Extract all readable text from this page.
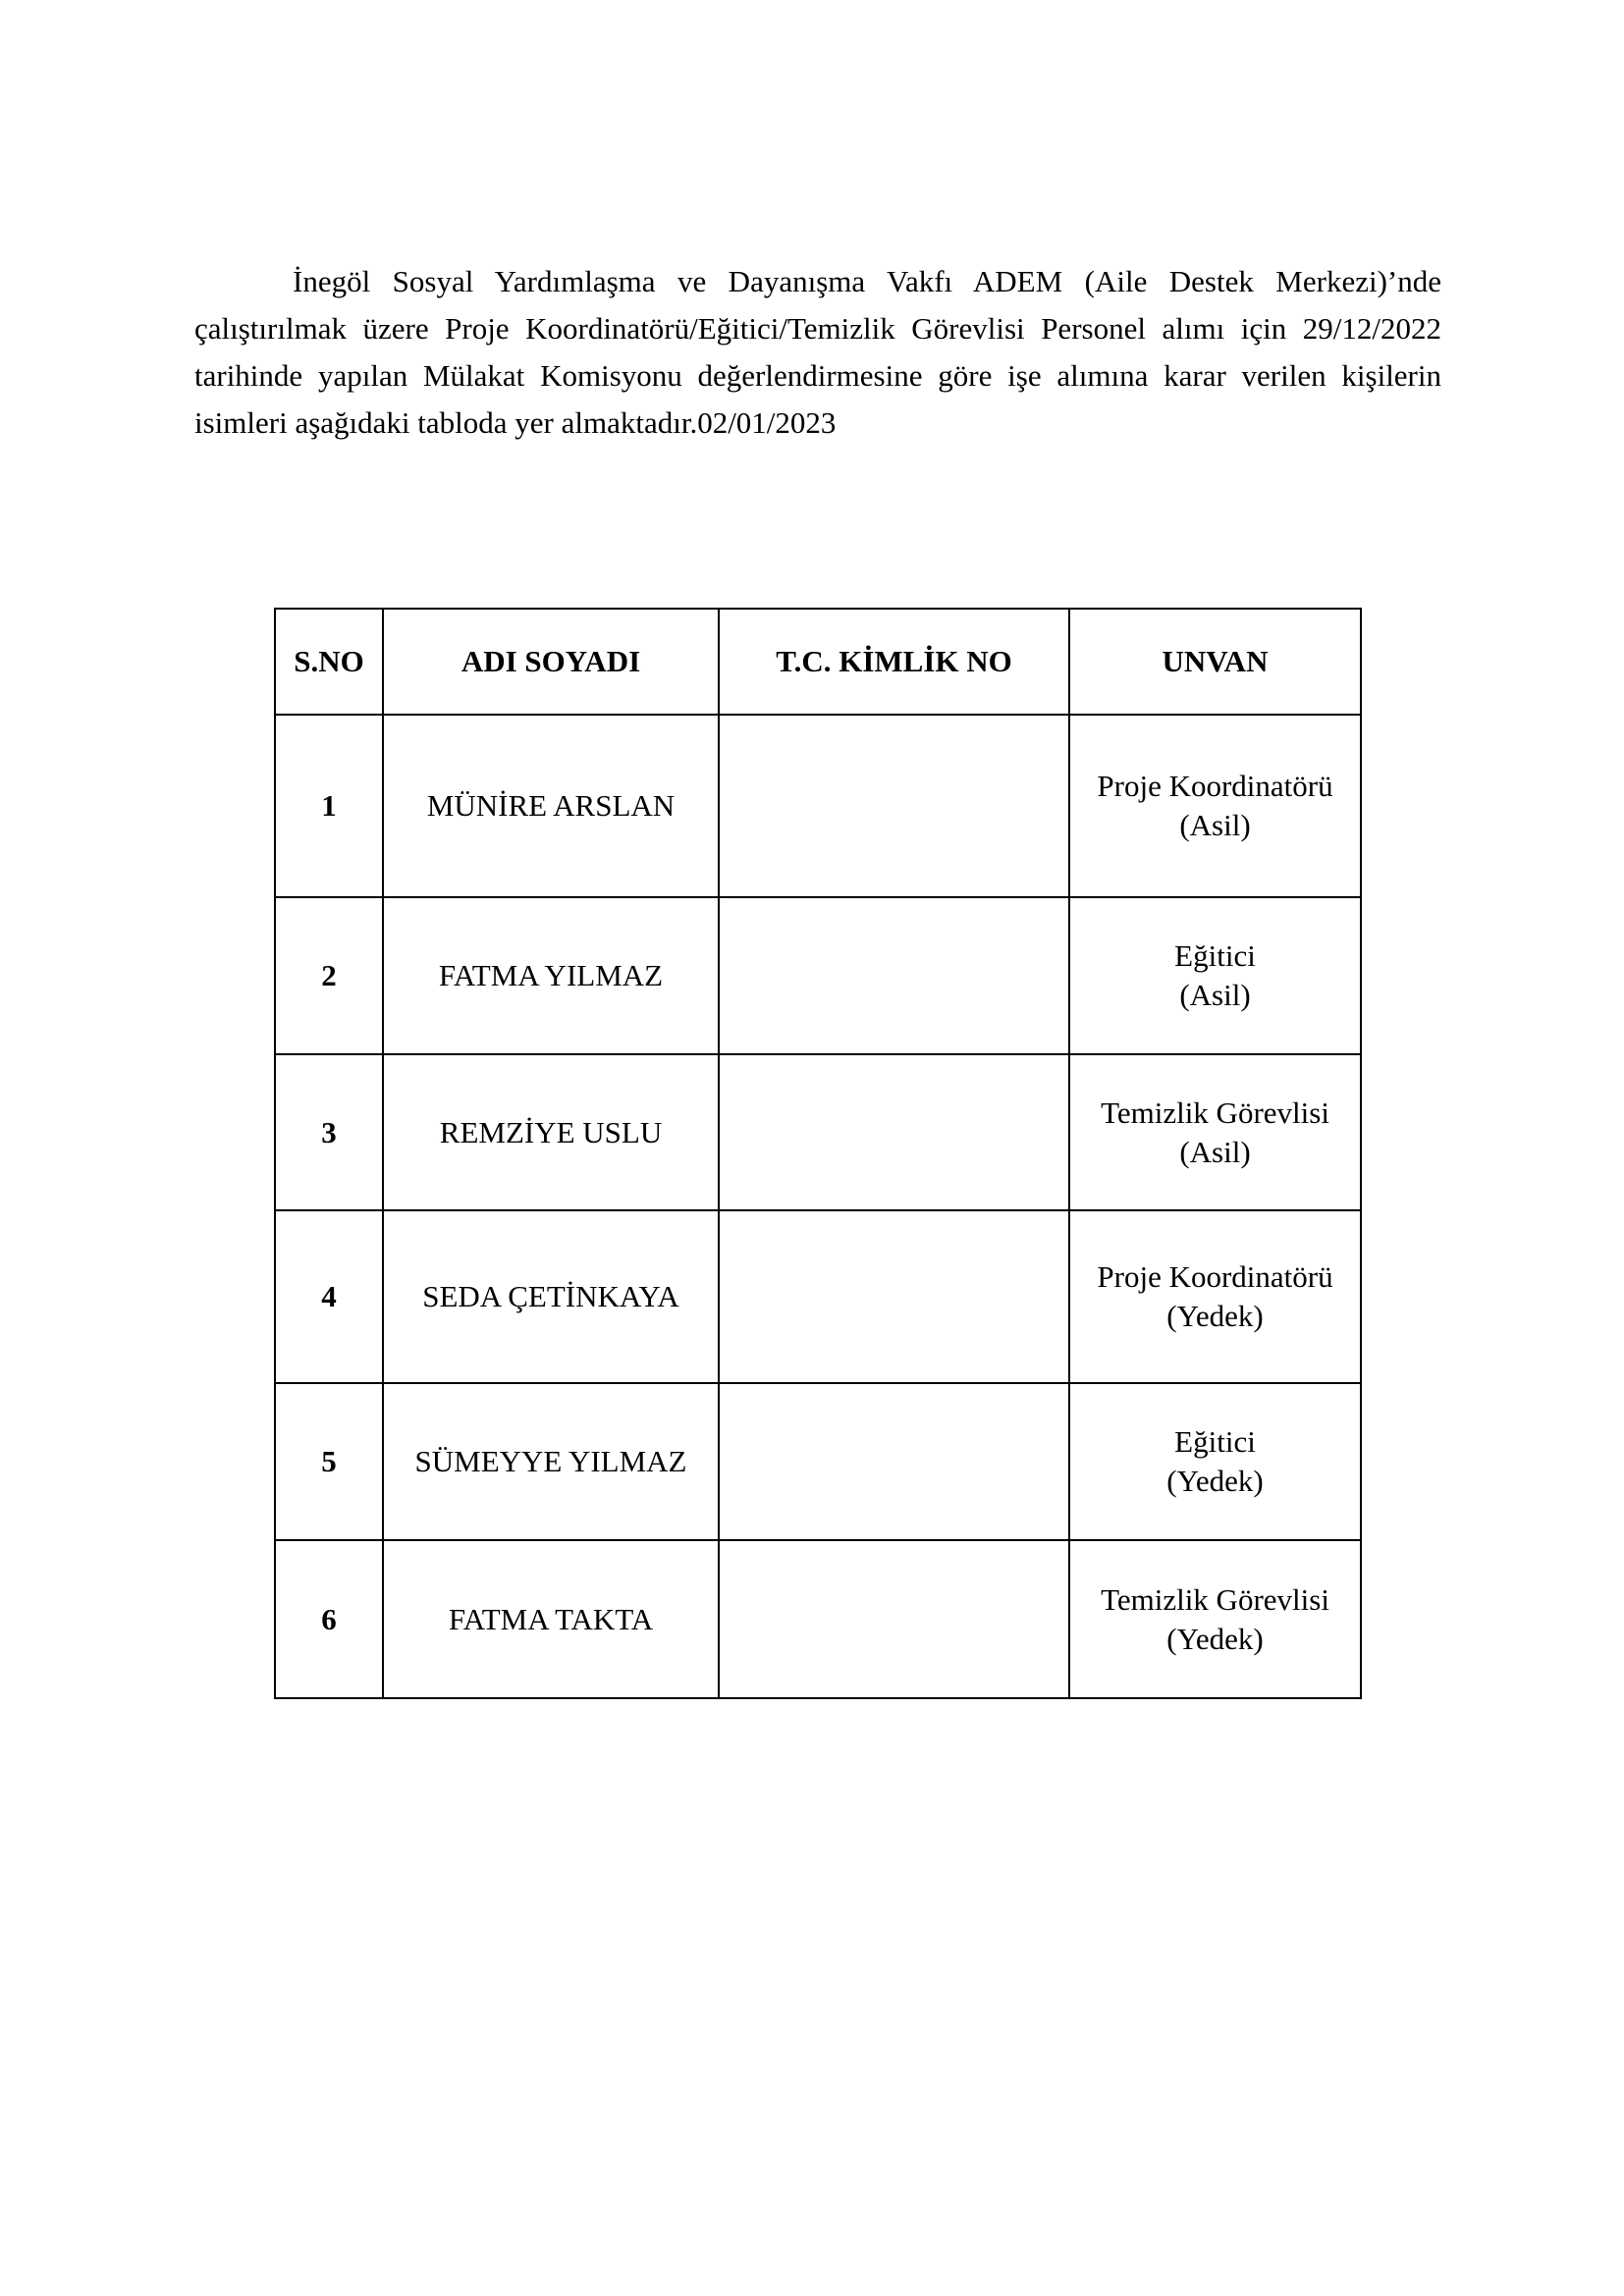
İnegöl Sosyal Yardımlaşma ve Dayanışma Vakfı ADEM (Aile Destek Merkezi)’nde çalıştırılmak üzere Proje Koordinatörü/Eğitici/Temizlik Görevlisi Personel alımı için 29/12/2022 tarihinde yapılan Mülakat Komisyonu değerlendirmesine göre işe alımına karar verilen kişilerin isimleri aşağıdaki tabloda yer almaktadır.02/01/2023

S.NO	ADI SOYADI	T.C. KİMLİK NO	UNVAN
1	MÜNİRE ARSLAN		Proje Koordinatörü
(Asil)

2	FATMA YILMAZ		Eğitici
(Asil)

3	REMZİYE USLU		Temizlik Görevlisi
(Asil)

4	SEDA ÇETİNKAYA		Proje Koordinatörü
(Yedek)

5	SÜMEYYE YILMAZ		Eğitici
(Yedek)

6	FATMA TAKTA		Temizlik Görevlisi
(Yedek)
